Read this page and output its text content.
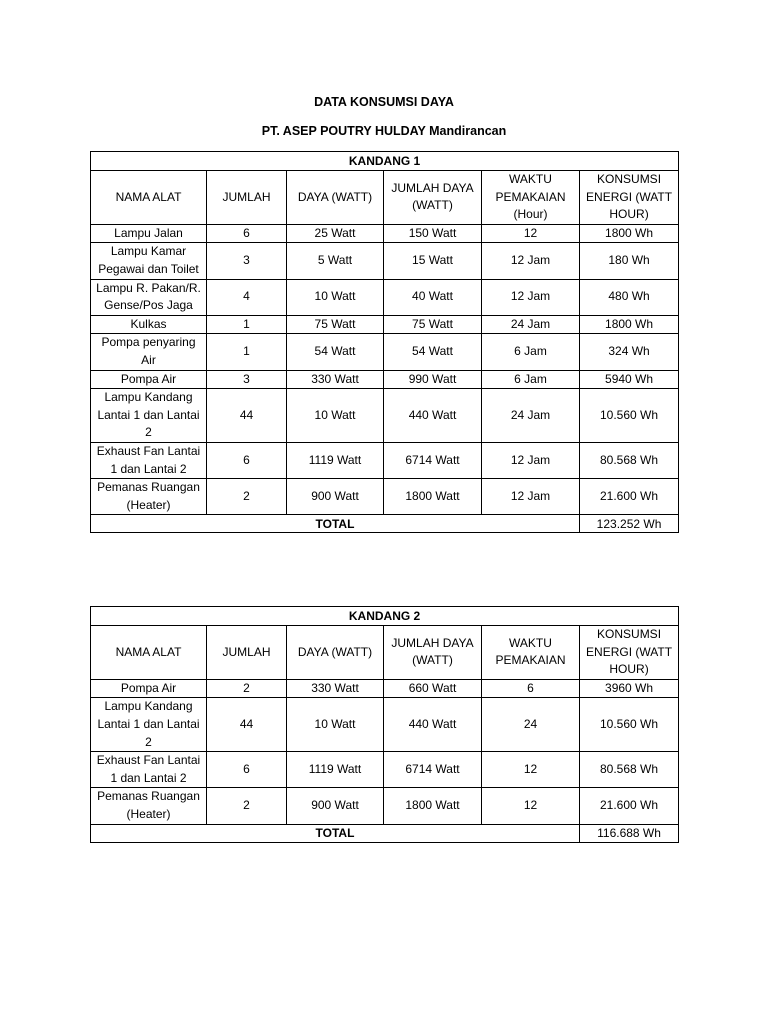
DATA KONSUMSI DAYA
PT. ASEP POUTRY HULDAY Mandirancan
KANDANG 1					
NAMA ALAT	JUMLAH	DAYA (WATT)	JUMLAH DAYA (WATT)	WAKTU PEMAKAIAN (Hour)	KONSUMSI ENERGI (WATT HOUR)
Lampu Jalan	6	25 Watt	150 Watt	12	1800 Wh
Lampu Kamar Pegawai dan Toilet	3	5 Watt	15 Watt	12 Jam	180 Wh
Lampu R. Pakan/R. Gense/Pos Jaga	4	10 Watt	40 Watt	12 Jam	480 Wh
Kulkas	1	75 Watt	75 Watt	24 Jam	1800 Wh
Pompa penyaring Air	1	54 Watt	54 Watt	6 Jam	324 Wh
Pompa Air	3	330 Watt	990 Watt	6 Jam	5940 Wh
Lampu Kandang Lantai 1 dan Lantai 2	44	10 Watt	440 Watt	24 Jam	10.560 Wh
Exhaust Fan Lantai 1 dan Lantai 2	6	1119 Watt	6714 Watt	12 Jam	80.568 Wh
Pemanas Ruangan (Heater)	2	900 Watt	1800 Watt	12 Jam	21.600 Wh
TOTAL					123.252 Wh
KANDANG 2					
NAMA ALAT	JUMLAH	DAYA (WATT)	JUMLAH DAYA (WATT)	WAKTU PEMAKAIAN	KONSUMSI ENERGI (WATT HOUR)
Pompa Air	2	330 Watt	660 Watt	6	3960 Wh
Lampu Kandang Lantai 1 dan Lantai 2	44	10 Watt	440 Watt	24	10.560 Wh
Exhaust Fan Lantai 1 dan Lantai 2	6	1119 Watt	6714 Watt	12	80.568 Wh
Pemanas Ruangan (Heater)	2	900 Watt	1800 Watt	12	21.600 Wh
TOTAL					116.688 Wh
